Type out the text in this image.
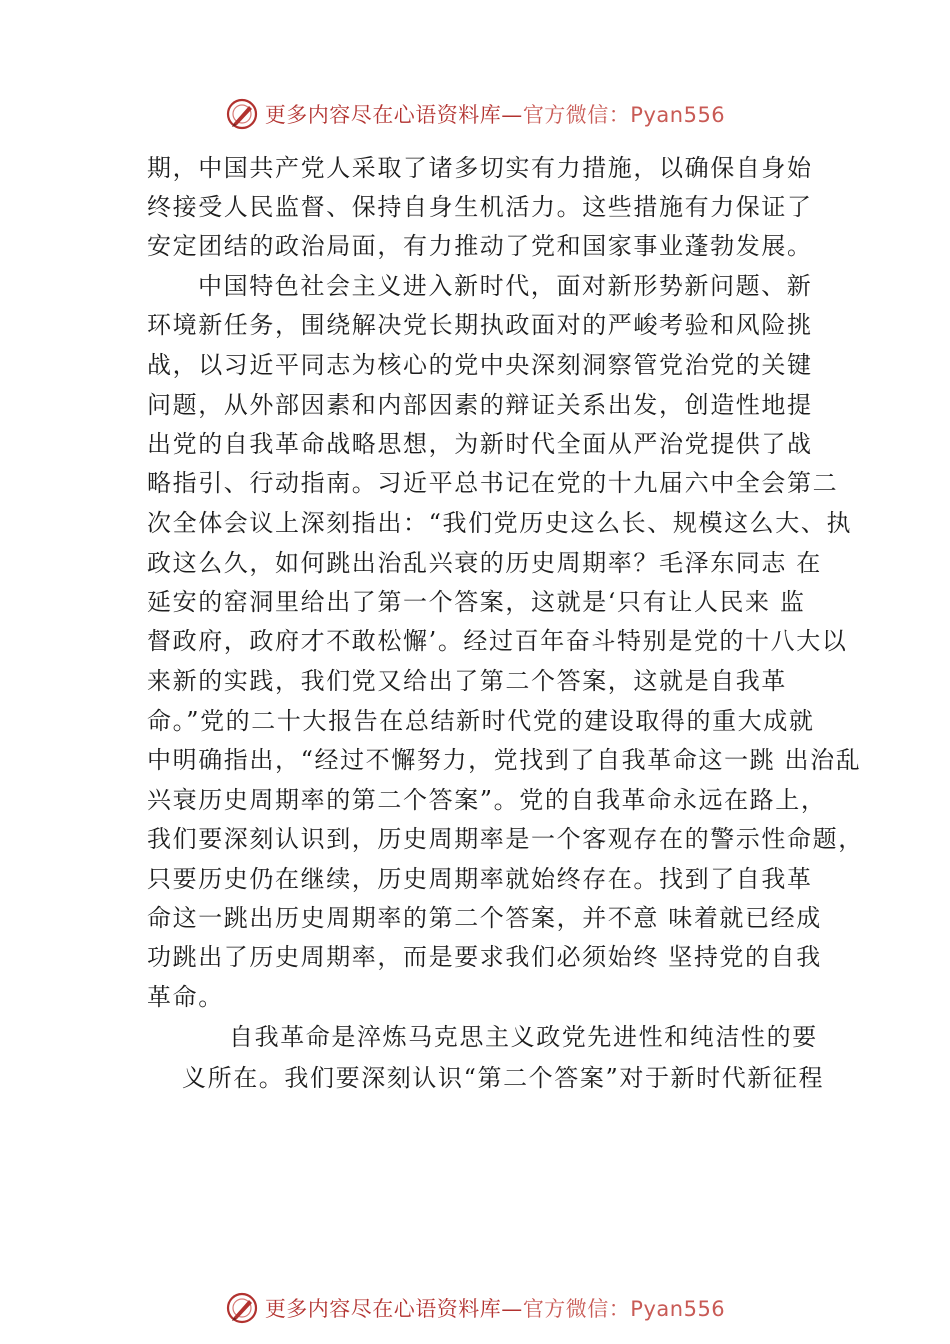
更多内容尽在心语资料库—官方微信：Pyan556
期，中国共产党人采取了诸多切实有力措施，以确保自身始
终接受人民监督、保持自身生机活力。这些措施有力保证了
安定团结的政治局面，有力推动了党和国家事业蓬勃发展。
中国特色社会主义进入新时代，面对新形势新问题、新
环境新任务，围绕解决党长期执政面对的严峻考验和风险挑
战，以习近平同志为核心的党中央深刻洞察管党治党的关键
问题，从外部因素和内部因素的辩证关系出发，创造性地提
出党的自我革命战略思想，为新时代全面从严治党提供了战
略指引、行动指南。习近平总书记在党的十九届六中全会第二
次全体会议上深刻指出：“我们党历史这么长、规模这么大、执
政这么久，如何跳出治乱兴衰的历史周期率？毛泽东同志 在
延安的窑洞里给出了第一个答案，这就是‘只有让人民来 监
督政府，政府才不敢松懈’。经过百年奋斗特别是党的十八大以
来新的实践，我们党又给出了第二个答案，这就是自我革
命。”党的二十大报告在总结新时代党的建设取得的重大成就
中明确指出，“经过不懈努力，党找到了自我革命这一跳 出治乱
兴衰历史周期率的第二个答案”。党的自我革命永远在路上，
我们要深刻认识到，历史周期率是一个客观存在的警示性命题，
只要历史仍在继续，历史周期率就始终存在。找到了自我革
命这一跳出历史周期率的第二个答案，并不意 味着就已经成
功跳出了历史周期率，而是要求我们必须始终 坚持党的自我
革命。
自我革命是淬炼马克思主义政党先进性和纯洁性的要
义所在。我们要深刻认识“第二个答案”对于新时代新征程
更多内容尽在心语资料库—官方微信：Pyan556
